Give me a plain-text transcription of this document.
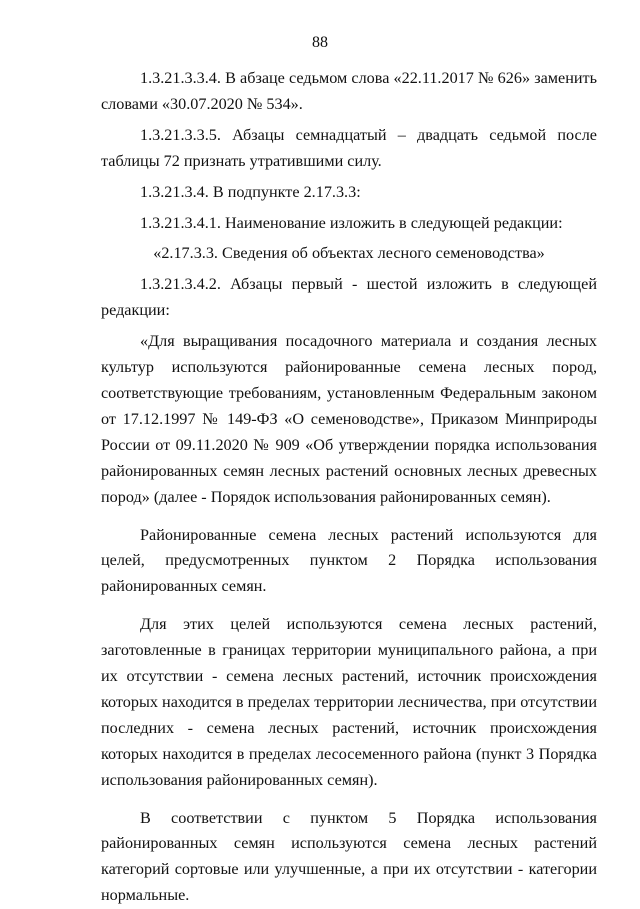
88

1.3.21.3.3.4. В абзаце седьмом слова «22.11.2017 № 626» заменить словами «30.07.2020 № 534».

1.3.21.3.3.5. Абзацы семнадцатый – двадцать седьмой после таблицы 72 признать утратившими силу.

1.3.21.3.4. В подпункте 2.17.3.3:

1.3.21.3.4.1. Наименование изложить в следующей редакции:

«2.17.3.3. Сведения об объектах лесного семеноводства»

1.3.21.3.4.2. Абзацы первый - шестой изложить в следующей редакции:

«Для выращивания посадочного материала и создания лесных культур используются районированные семена лесных пород, соответствующие требованиям, установленным Федеральным законом от 17.12.1997 № 149-ФЗ «О семеноводстве», Приказом Минприроды России от 09.11.2020 № 909 «Об утверждении порядка использования районированных семян лесных растений основных лесных древесных пород» (далее - Порядок использования районированных семян).

Районированные семена лесных растений используются для целей, предусмотренных пунктом 2 Порядка использования районированных семян.

Для этих целей используются семена лесных растений, заготовленные в границах территории муниципального района, а при их отсутствии - семена лесных растений, источник происхождения которых находится в пределах территории лесничества, при отсутствии последних - семена лесных растений, источник происхождения которых находится в пределах лесосеменного района (пункт 3 Порядка использования районированных семян).

В соответствии с пунктом 5 Порядка использования районированных семян используются семена лесных растений категорий сортовые или улучшенные, а при их отсутствии - категории нормальные.
